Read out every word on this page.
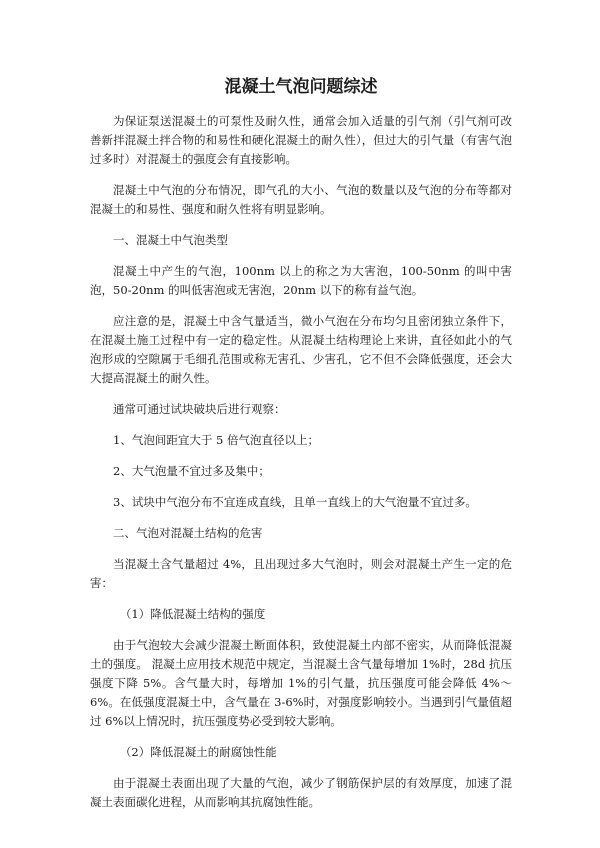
混凝土气泡问题综述

为保证泵送混凝土的可泵性及耐久性，通常会加入适量的引气剂（引气剂可改善新拌混凝土拌合物的和易性和硬化混凝土的耐久性），但过大的引气量（有害气泡过多时）对混凝土的强度会有直接影响。

混凝土中气泡的分布情况，即气孔的大小、气泡的数量以及气泡的分布等都对混凝土的和易性、强度和耐久性将有明显影响。

一、混凝土中气泡类型

混凝土中产生的气泡，100nm 以上的称之为大害泡，100-50nm 的叫中害泡，50-20nm 的叫低害泡或无害泡，20nm 以下的称有益气泡。

应注意的是，混凝土中含气量适当，微小气泡在分布均匀且密闭独立条件下，在混凝土施工过程中有一定的稳定性。从混凝土结构理论上来讲，直径如此小的气泡形成的空隙属于毛细孔范围或称无害孔、少害孔，它不但不会降低强度，还会大大提高混凝土的耐久性。

通常可通过试块破块后进行观察：

1、气泡间距宜大于 5 倍气泡直径以上；

2、大气泡量不宜过多及集中；

3、试块中气泡分布不宜连成直线，且单一直线上的大气泡量不宜过多。

二、气泡对混凝土结构的危害

当混凝土含气量超过 4%，且出现过多大气泡时，则会对混凝土产生一定的危害：

（1）降低混凝土结构的强度

由于气泡较大会减少混凝土断面体积，致使混凝土内部不密实，从而降低混凝土的强度。 混凝土应用技术规范中规定，当混凝土含气量每增加 1%时，28d 抗压强度下降 5%。含气量大时，每增加 1%的引气量，抗压强度可能会降低 4%～6%。在低强度混凝土中，含气量在 3-6%时，对强度影响较小。当遇到引气量值超过 6%以上情况时，抗压强度势必受到较大影响。

（2）降低混凝土的耐腐蚀性能

由于混凝土表面出现了大量的气泡，减少了钢筋保护层的有效厚度，加速了混凝土表面碳化进程，从而影响其抗腐蚀性能。
